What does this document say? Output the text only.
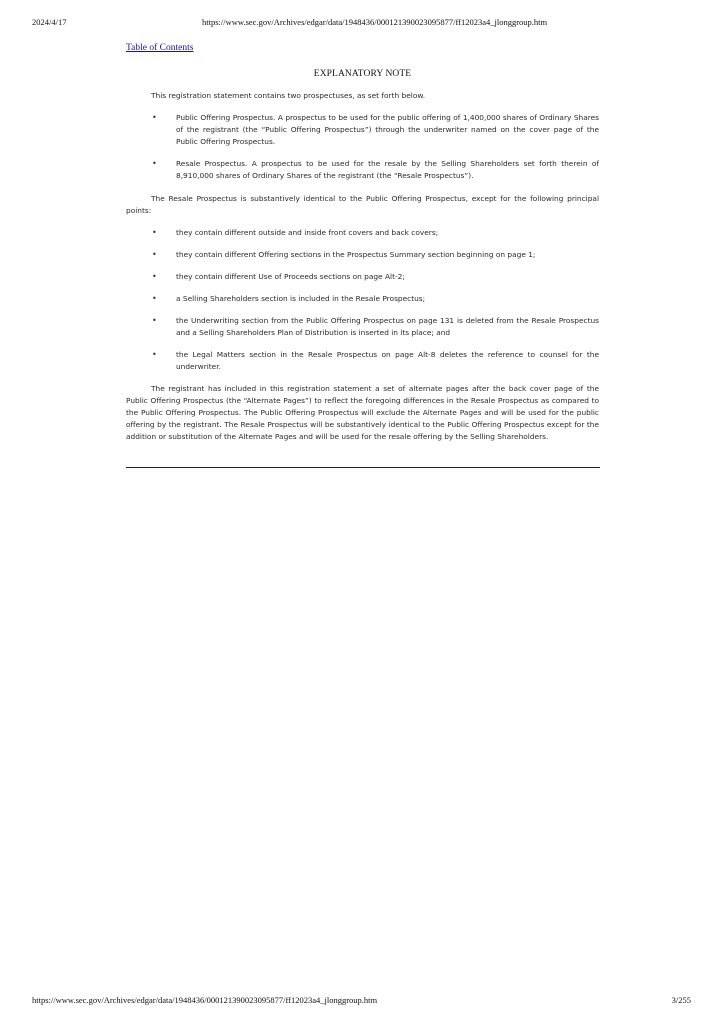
2024/4/17	https://www.sec.gov/Archives/edgar/data/1948436/000121390023095877/ff12023a4_jlonggroup.htm
Table of Contents
EXPLANATORY NOTE

This registration statement contains two prospectuses, as set forth below.

•	Public Offering Prospectus. A prospectus to be used for the public offering of 1,400,000 shares of Ordinary Shares of the registrant (the “Public Offering Prospectus”) through the underwriter named on the cover page of the Public Offering Prospectus.
•	Resale Prospectus. A prospectus to be used for the resale by the Selling Shareholders set forth therein of 8,910,000 shares of Ordinary Shares of the registrant (the “Resale Prospectus”).

The Resale Prospectus is substantively identical to the Public Offering Prospectus, except for the following principal points:

•	they contain different outside and inside front covers and back covers;
•	they contain different Offering sections in the Prospectus Summary section beginning on page 1;
•	they contain different Use of Proceeds sections on page Alt-2;
•	a Selling Shareholders section is included in the Resale Prospectus;
•	the Underwriting section from the Public Offering Prospectus on page 131 is deleted from the Resale Prospectus and a Selling Shareholders Plan of Distribution is inserted in its place; and
•	the Legal Matters section in the Resale Prospectus on page Alt-8 deletes the reference to counsel for the underwriter.

The registrant has included in this registration statement a set of alternate pages after the back cover page of the Public Offering Prospectus (the “Alternate Pages”) to reflect the foregoing differences in the Resale Prospectus as compared to the Public Offering Prospectus. The Public Offering Prospectus will exclude the Alternate Pages and will be used for the public offering by the registrant. The Resale Prospectus will be substantively identical to the Public Offering Prospectus except for the addition or substitution of the Alternate Pages and will be used for the resale offering by the Selling Shareholders.

https://www.sec.gov/Archives/edgar/data/1948436/000121390023095877/ff12023a4_jlonggroup.htm	3/255
